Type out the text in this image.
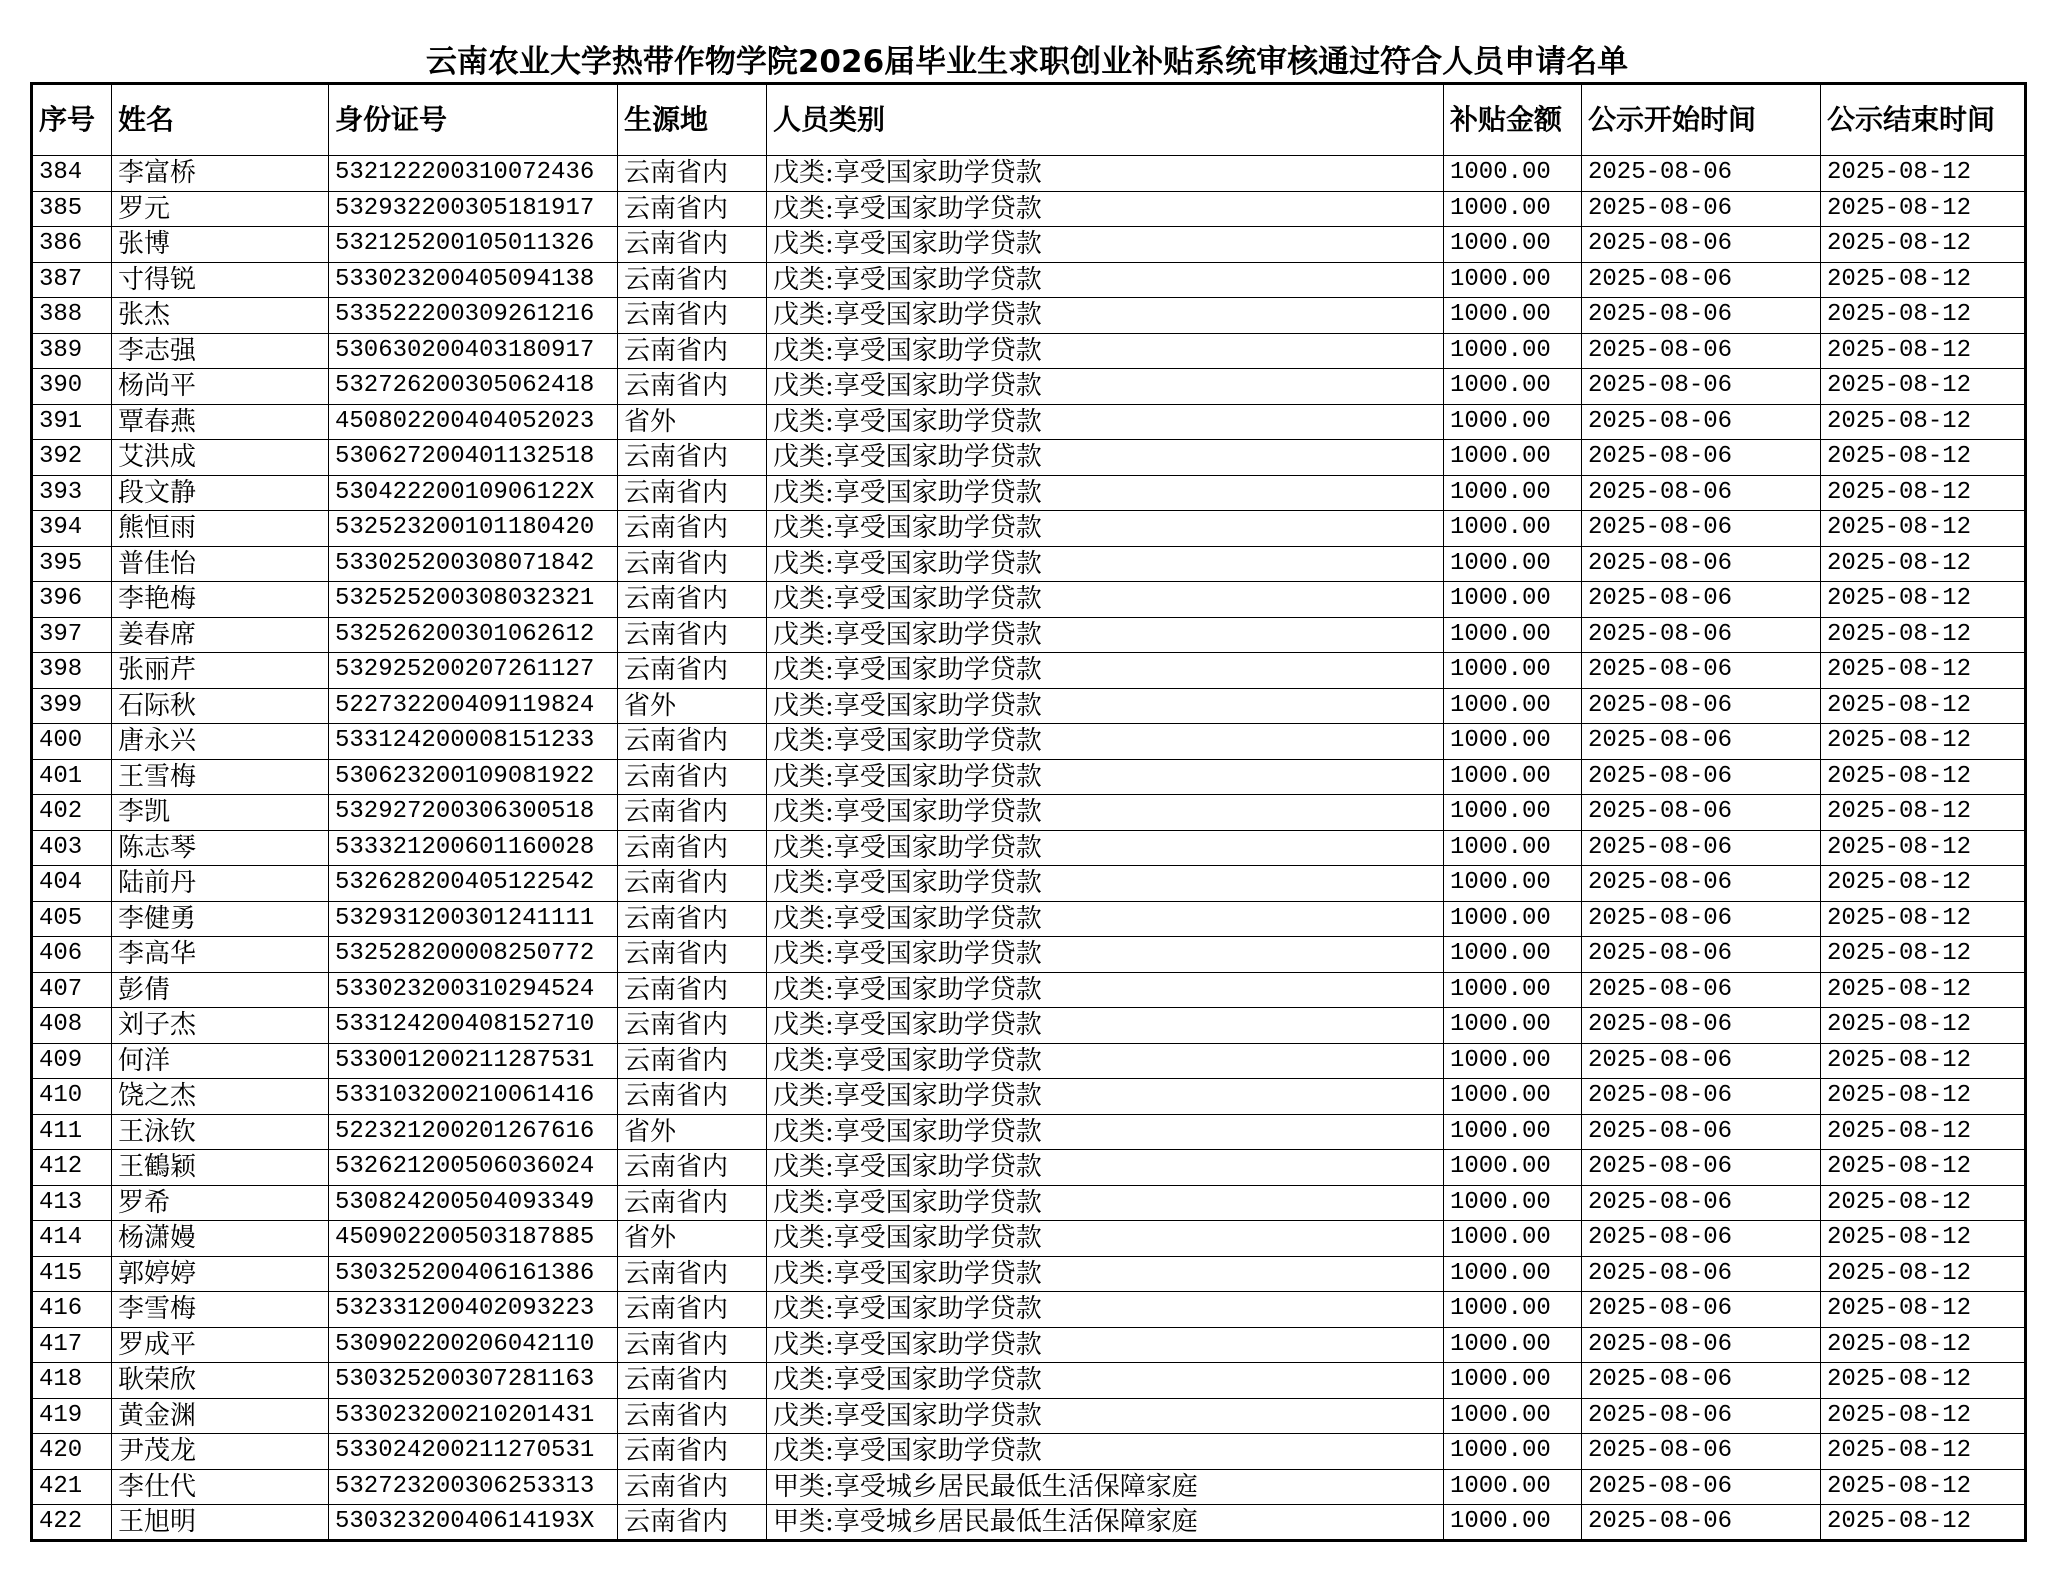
云南农业大学热带作物学院2026届毕业生求职创业补贴系统审核通过符合人员申请名单
序号	姓名	身份证号	生源地	人员类别	补贴金额	公示开始时间	公示结束时间
384	李富桥	532122200310072436	云南省内	戊类:享受国家助学贷款	1000.00	2025-08-06	2025-08-12
385	罗元	532932200305181917	云南省内	戊类:享受国家助学贷款	1000.00	2025-08-06	2025-08-12
386	张博	532125200105011326	云南省内	戊类:享受国家助学贷款	1000.00	2025-08-06	2025-08-12
387	寸得锐	533023200405094138	云南省内	戊类:享受国家助学贷款	1000.00	2025-08-06	2025-08-12
388	张杰	533522200309261216	云南省内	戊类:享受国家助学贷款	1000.00	2025-08-06	2025-08-12
389	李志强	530630200403180917	云南省内	戊类:享受国家助学贷款	1000.00	2025-08-06	2025-08-12
390	杨尚平	532726200305062418	云南省内	戊类:享受国家助学贷款	1000.00	2025-08-06	2025-08-12
391	覃春燕	450802200404052023	省外	戊类:享受国家助学贷款	1000.00	2025-08-06	2025-08-12
392	艾洪成	530627200401132518	云南省内	戊类:享受国家助学贷款	1000.00	2025-08-06	2025-08-12
393	段文静	53042220010906122X	云南省内	戊类:享受国家助学贷款	1000.00	2025-08-06	2025-08-12
394	熊恒雨	532523200101180420	云南省内	戊类:享受国家助学贷款	1000.00	2025-08-06	2025-08-12
395	普佳怡	533025200308071842	云南省内	戊类:享受国家助学贷款	1000.00	2025-08-06	2025-08-12
396	李艳梅	532525200308032321	云南省内	戊类:享受国家助学贷款	1000.00	2025-08-06	2025-08-12
397	姜春席	532526200301062612	云南省内	戊类:享受国家助学贷款	1000.00	2025-08-06	2025-08-12
398	张丽芹	532925200207261127	云南省内	戊类:享受国家助学贷款	1000.00	2025-08-06	2025-08-12
399	石际秋	522732200409119824	省外	戊类:享受国家助学贷款	1000.00	2025-08-06	2025-08-12
400	唐永兴	533124200008151233	云南省内	戊类:享受国家助学贷款	1000.00	2025-08-06	2025-08-12
401	王雪梅	530623200109081922	云南省内	戊类:享受国家助学贷款	1000.00	2025-08-06	2025-08-12
402	李凯	532927200306300518	云南省内	戊类:享受国家助学贷款	1000.00	2025-08-06	2025-08-12
403	陈志琴	533321200601160028	云南省内	戊类:享受国家助学贷款	1000.00	2025-08-06	2025-08-12
404	陆前丹	532628200405122542	云南省内	戊类:享受国家助学贷款	1000.00	2025-08-06	2025-08-12
405	李健勇	532931200301241111	云南省内	戊类:享受国家助学贷款	1000.00	2025-08-06	2025-08-12
406	李高华	532528200008250772	云南省内	戊类:享受国家助学贷款	1000.00	2025-08-06	2025-08-12
407	彭倩	533023200310294524	云南省内	戊类:享受国家助学贷款	1000.00	2025-08-06	2025-08-12
408	刘子杰	533124200408152710	云南省内	戊类:享受国家助学贷款	1000.00	2025-08-06	2025-08-12
409	何洋	533001200211287531	云南省内	戊类:享受国家助学贷款	1000.00	2025-08-06	2025-08-12
410	饶之杰	533103200210061416	云南省内	戊类:享受国家助学贷款	1000.00	2025-08-06	2025-08-12
411	王泳钦	522321200201267616	省外	戊类:享受国家助学贷款	1000.00	2025-08-06	2025-08-12
412	王鶴颖	532621200506036024	云南省内	戊类:享受国家助学贷款	1000.00	2025-08-06	2025-08-12
413	罗希	530824200504093349	云南省内	戊类:享受国家助学贷款	1000.00	2025-08-06	2025-08-12
414	杨潇嫚	450902200503187885	省外	戊类:享受国家助学贷款	1000.00	2025-08-06	2025-08-12
415	郭婷婷	530325200406161386	云南省内	戊类:享受国家助学贷款	1000.00	2025-08-06	2025-08-12
416	李雪梅	532331200402093223	云南省内	戊类:享受国家助学贷款	1000.00	2025-08-06	2025-08-12
417	罗成平	530902200206042110	云南省内	戊类:享受国家助学贷款	1000.00	2025-08-06	2025-08-12
418	耿荣欣	530325200307281163	云南省内	戊类:享受国家助学贷款	1000.00	2025-08-06	2025-08-12
419	黄金渊	533023200210201431	云南省内	戊类:享受国家助学贷款	1000.00	2025-08-06	2025-08-12
420	尹茂龙	533024200211270531	云南省内	戊类:享受国家助学贷款	1000.00	2025-08-06	2025-08-12
421	李仕代	532723200306253313	云南省内	甲类:享受城乡居民最低生活保障家庭	1000.00	2025-08-06	2025-08-12
422	王旭明	53032320040614193X	云南省内	甲类:享受城乡居民最低生活保障家庭	1000.00	2025-08-06	2025-08-12
